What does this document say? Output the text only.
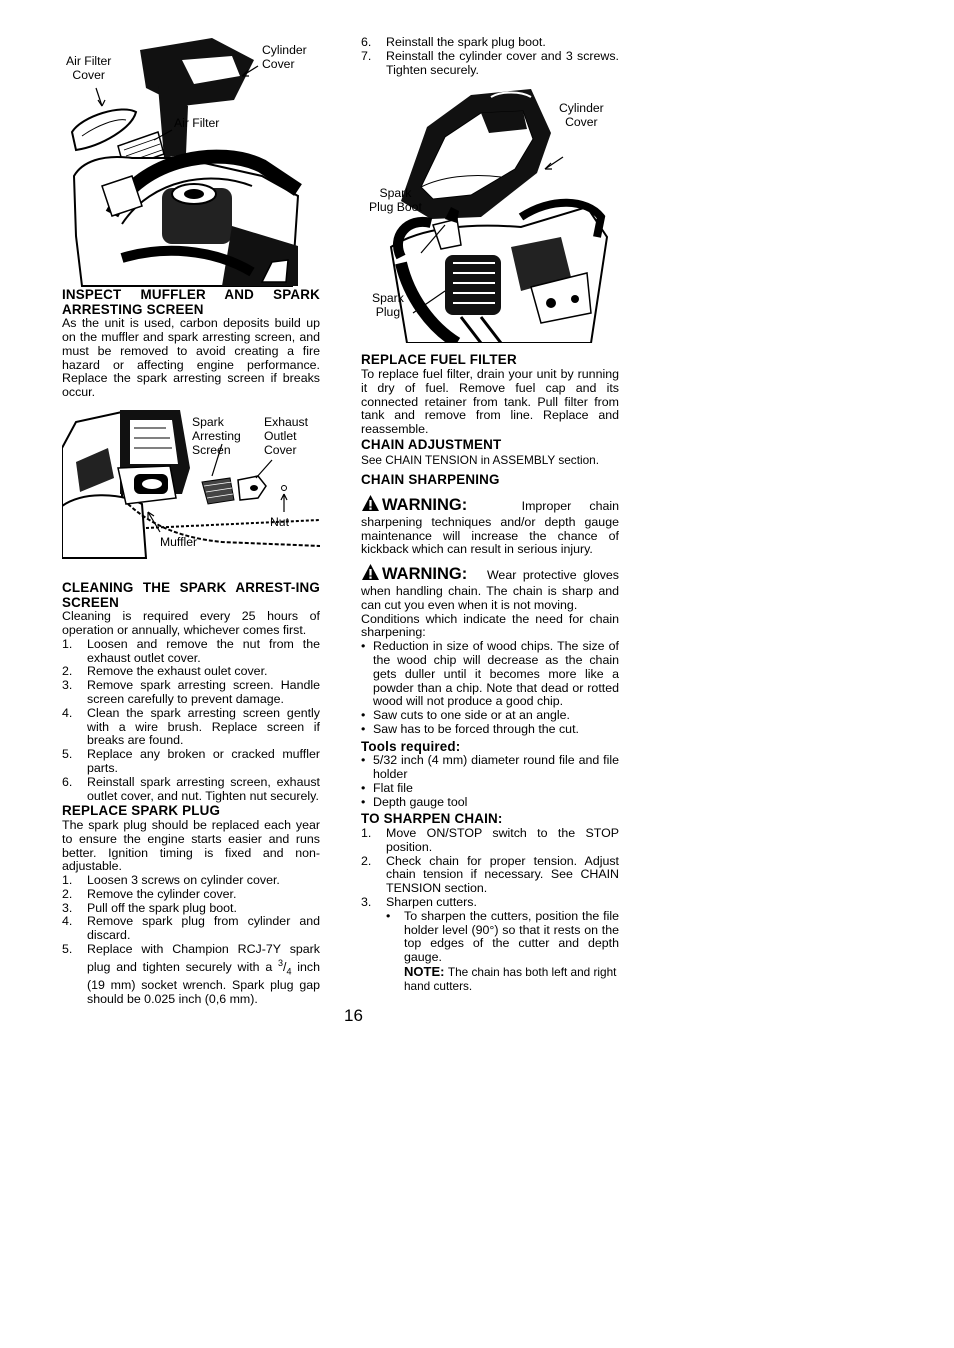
Air Filter
Cover
Cylinder
Cover
Air Filter
INSPECT MUFFLER AND SPARK ARRESTING SCREEN

As the unit is used, carbon deposits build up on the muffler and spark arresting screen, and must be removed to avoid creating a fire hazard or affecting engine performance. Replace the spark arresting screen if breaks occur.

Spark
Arresting
Screen
Exhaust
Outlet
Cover
Nut
Muffler
CLEANING THE SPARK ARREST-ING SCREEN

Cleaning is required every 25 hours of operation or annually, whichever comes first.

1. Loosen and remove the nut from the exhaust outlet cover.
2. Remove the exhaust oulet cover.
3. Remove spark arresting screen. Handle screen carefully to prevent damage.
4. Clean the spark arresting screen gently with a wire brush. Replace screen if breaks are found.
5. Replace any broken or cracked muffler parts.
6. Reinstall spark arresting screen, exhaust outlet cover, and nut. Tighten nut securely.
REPLACE SPARK PLUG

The spark plug should be replaced each year to ensure the engine starts easier and runs better. Ignition timing is fixed and non-adjustable.

1. Loosen 3 screws on cylinder cover.
2. Remove the cylinder cover.
3. Pull off the spark plug boot.
4. Remove spark plug from cylinder and discard.
5. Replace with Champion RCJ-7Y spark plug and tighten securely with a $^3/_4$ inch (19 mm) socket wrench. Spark plug gap should be 0.025 inch (0,6 mm).
6. Reinstall the spark plug boot.
7. Reinstall the cylinder cover and 3 screws. Tighten securely.
Cylinder
Cover
Spark
Plug Boot
Spark
Plug
REPLACE FUEL FILTER

To replace fuel filter, drain your unit by running it dry of fuel. Remove fuel cap and its connected retainer from tank. Pull filter from tank and remove from line. Replace and reassemble.

CHAIN ADJUSTMENT

See CHAIN TENSION in ASSEMBLY section.

CHAIN SHARPENING

WARNING:	Improper chain sharpening techniques and/or depth gauge maintenance will increase the chance of kickback which can result in serious injury.

WARNING: Wear protective gloves when handling chain. The chain is sharp and can cut you even when it is not moving.

Conditions which indicate the need for chain sharpening:

• Reduction in size of wood chips. The size of the wood chip will decrease as the chain gets duller until it becomes more like a powder than a chip. Note that dead or rotted wood will not produce a good chip.
• Saw cuts to one side or at an angle.
• Saw has to be forced through the cut.
Tools required:
• 5/32 inch (4 mm) diameter round file and file holder
• Flat file
• Depth gauge tool
TO SHARPEN CHAIN:
1. Move ON/STOP switch to the STOP position.
2. Check chain for proper tension. Adjust chain tension if necessary. See CHAIN TENSION section.
3. Sharpen cutters.
• To sharpen the cutters, position the file holder level (90°) so that it rests on the top edges of the cutter and depth gauge.
NOTE: The chain has both left and right hand cutters.
16
